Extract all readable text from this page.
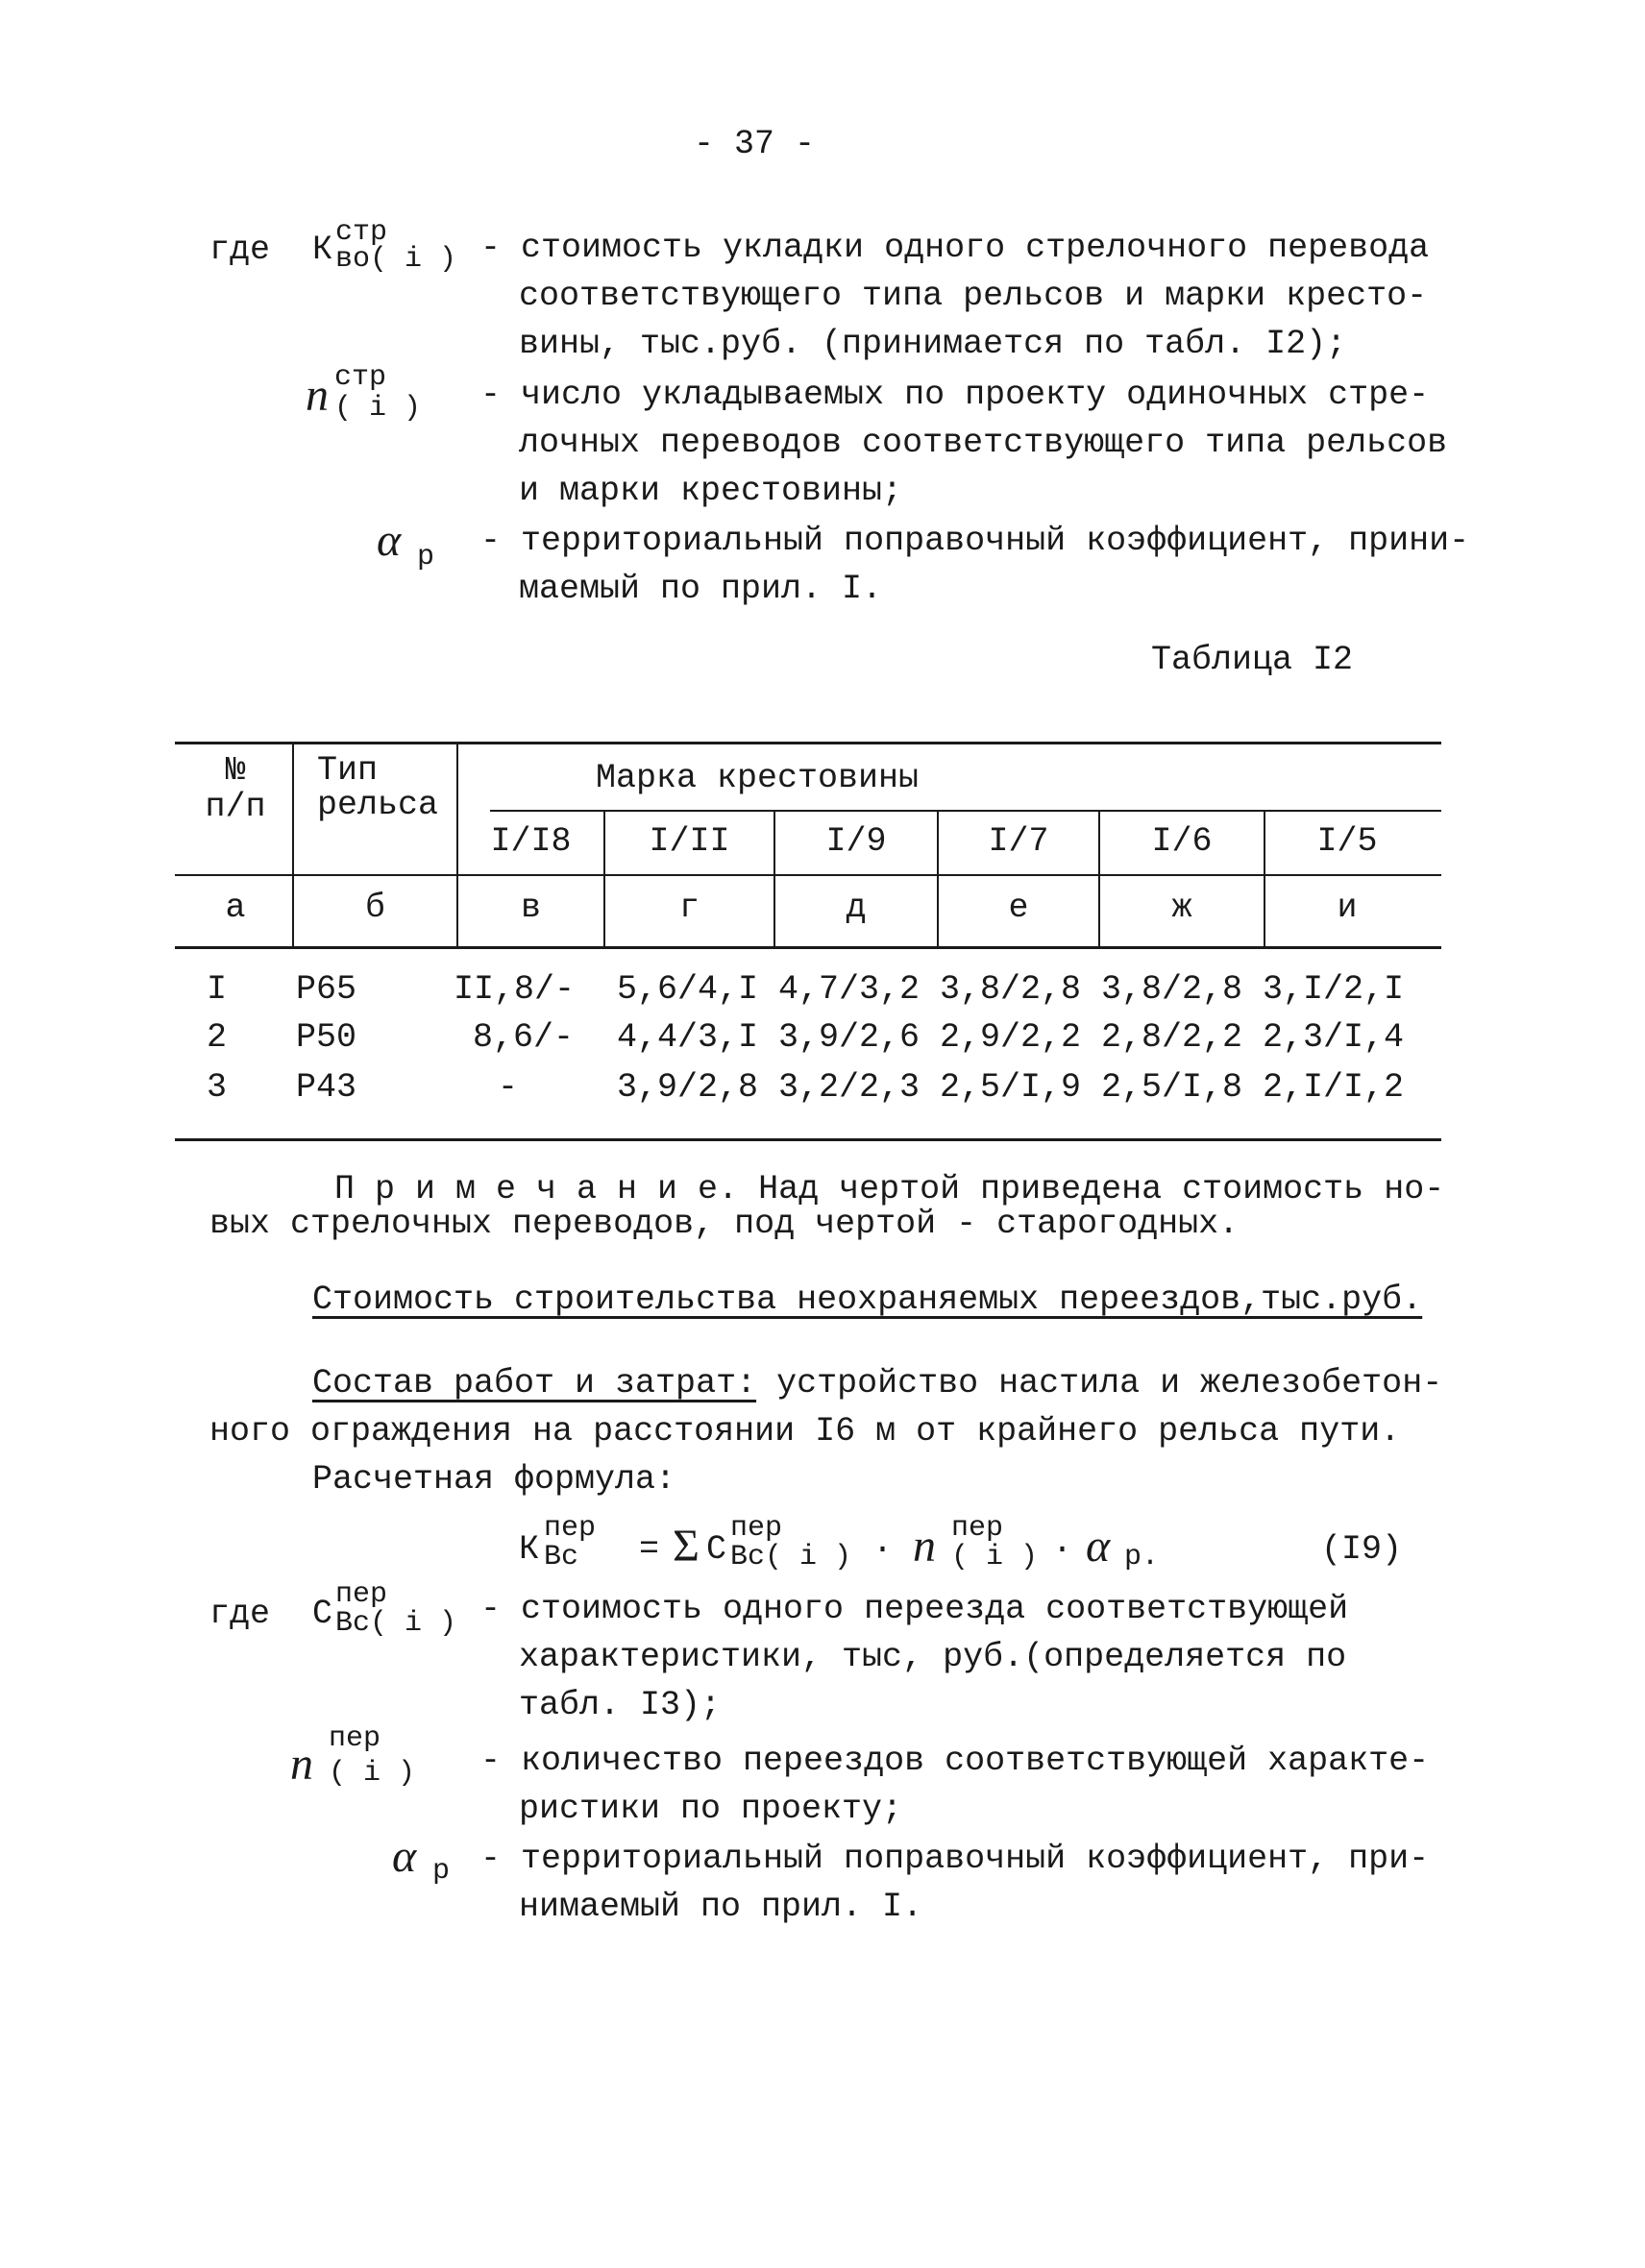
- 37 -
где К стр
во( i ) - стоимость укладки одного стрелочного перевода
соответствующего типа рельсов и марки кресто-
вины, тыс.руб. (принимается по табл. I2);
n стр
( i ) - число укладываемых по проекту одиночных стре-
лочных переводов соответствующего типа рельсов
и марки крестовины;
α р - территориальный поправочный коэффициент, прини-
маемый по прил. I.
Таблица I2
№
п/п
Тип
рельса
Марка крестовины
I/I8	I/II	I/9	I/7	I/6	I/5
а	б	в	г	д	е	ж	и
I Р65	II,8/- 5,6/4,I 4,7/3,2 3,8/2,8 3,8/2,8 3,I/2,I
2 Р50	8,6/- 4,4/3,I 3,9/2,6 2,9/2,2 2,8/2,2 2,3/I,4
3 Р43	-	3,9/2,8 3,2/2,3 2,5/I,9 2,5/I,8 2,I/I,2
П р и м е ч а н и е. Над чертой приведена стоимость но-
вых стрелочных переводов, под чертой - старогодных.
Стоимость строительства неохраняемых переездов,тыс.руб.
Состав работ и затрат: устройство настила и железобетон-
ного ограждения на расстоянии I6 м от крайнего рельса пути.
Расчетная формула:
К
пер
Вс = Σ C
пер
Вс( i ) · n пер
( i ) · α р.	(I9)
где C пер
Вс( i ) - стоимость одного переезда соответствующей
характеристики, тыс, руб.(определяется по
табл. I3);
n пер
( i ) - количество переездов соответствующей характе-
ристики по проекту;
α р - территориальный поправочный коэффициент, при-
нимаемый по прил. I.
